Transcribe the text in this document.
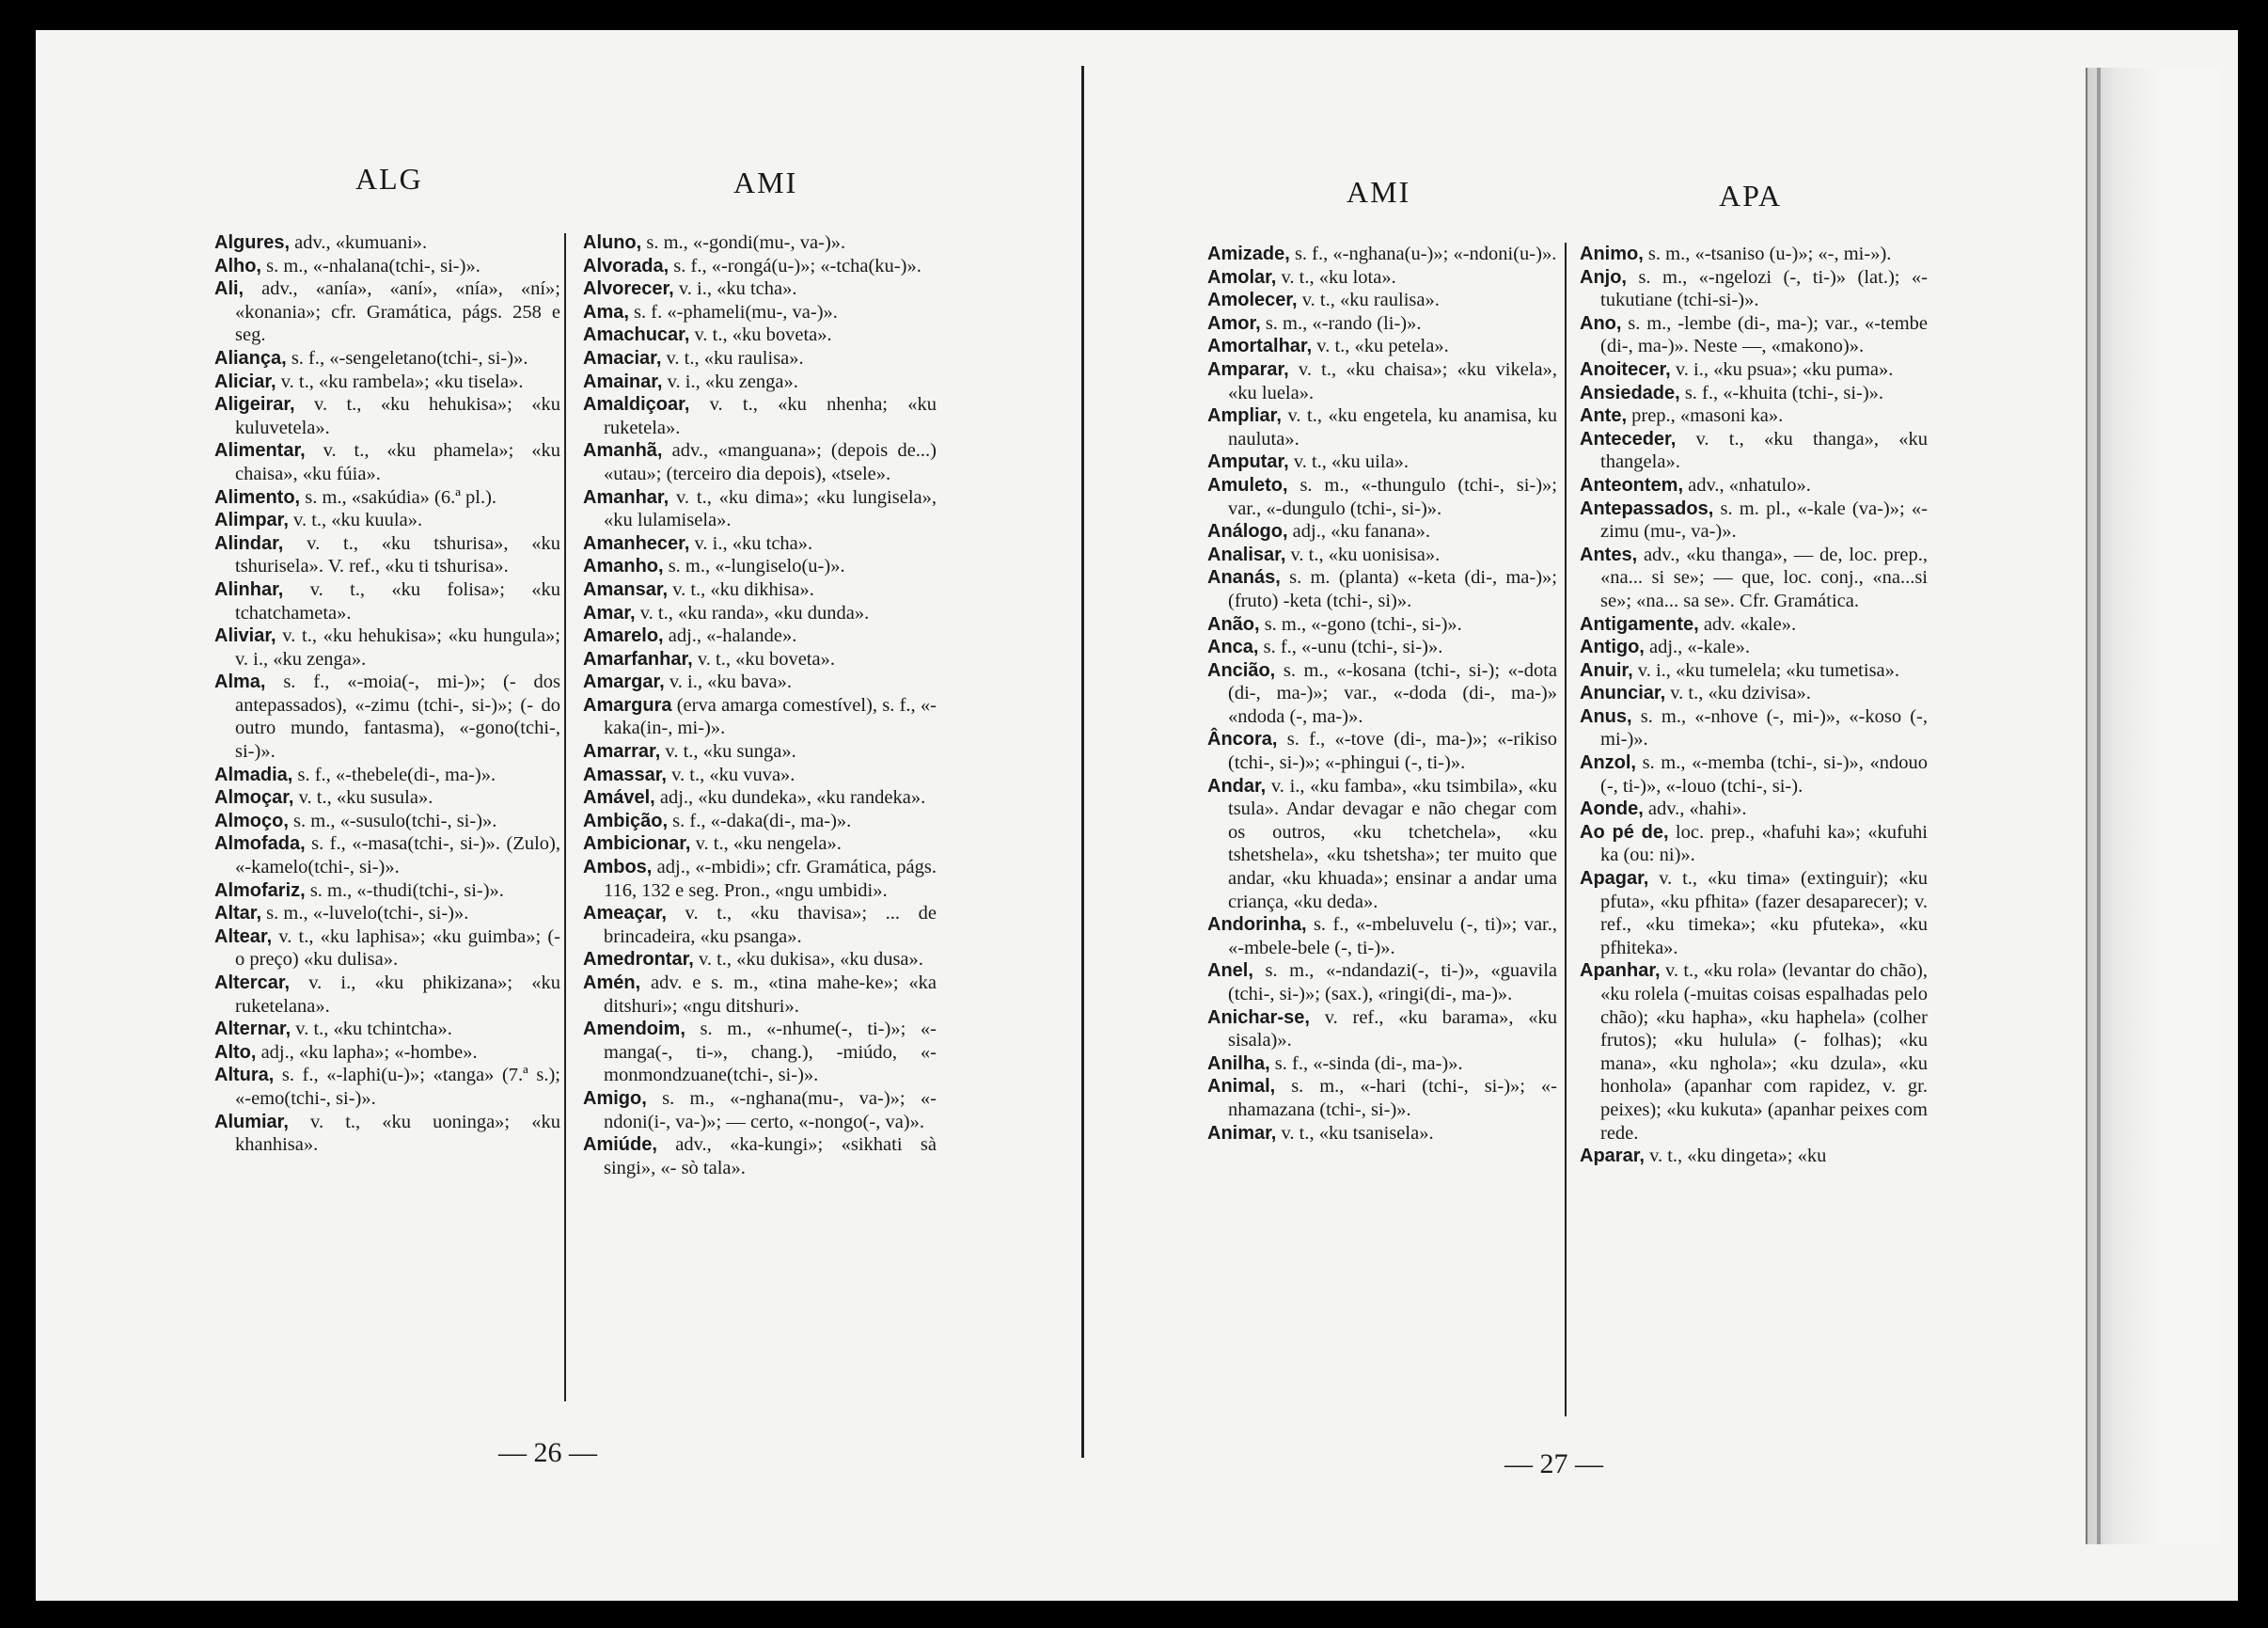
ALG	AMI

Algures, adv., «kumuani».

Alho, s. m., «-nhalana(tchi-, si-)».

Ali, adv., «anía», «aní», «nía», «ní»; «konania»; cfr. Gramática, págs. 258 e seg.

Aliança, s. f., «-sengeletano(tchi-, si-)».

Aliciar, v. t., «ku rambela»; «ku tisela».

Aligeirar, v. t., «ku hehukisa»; «ku kuluvetela».

Alimentar, v. t., «ku phamela»; «ku chaisa», «ku fúia».

Alimento, s. m., «sakúdia» (6.ª pl.).

Alimpar, v. t., «ku kuula».

Alindar, v. t., «ku tshurisa», «ku tshurisela». V. ref., «ku ti tshurisa».

Alinhar, v. t., «ku folisa»; «ku tchatchameta».

Aliviar, v. t., «ku hehukisa»; «ku hungula»; v. i., «ku zenga».

Alma, s. f., «-moia(-, mi-)»; (- dos antepassados), «-zimu (tchi-, si-)»; (- do outro mundo, fantasma), «-gono(tchi-, si-)».

Almadia, s. f., «-thebele(di-, ma-)».

Almoçar, v. t., «ku susula».

Almoço, s. m., «-susulo(tchi-, si-)».

Almofada, s. f., «-masa(tchi-, si-)». (Zulo), «-kamelo(tchi-, si-)».

Almofariz, s. m., «-thudi(tchi-, si-)».

Altar, s. m., «-luvelo(tchi-, si-)».

Altear, v. t., «ku laphisa»; «ku guimba»; (- o preço) «ku dulisa».

Altercar, v. i., «ku phikizana»; «ku ruketelana».

Alternar, v. t., «ku tchintcha».

Alto, adj., «ku lapha»; «-hombe».

Altura, s. f., «-laphi(u-)»; «tanga» (7.ª s.); «-emo(tchi-, si-)».

Alumiar, v. t., «ku uoninga»; «ku khanhisa».

Aluno, s. m., «-gondi(mu-, va-)».

Alvorada, s. f., «-rongá(u-)»; «-tcha(ku-)».

Alvorecer, v. i., «ku tcha».

Ama, s. f. «-phameli(mu-, va-)».

Amachucar, v. t., «ku boveta».

Amaciar, v. t., «ku raulisa».

Amainar, v. i., «ku zenga».

Amaldiçoar, v. t., «ku nhenha; «ku ruketela».

Amanhã, adv., «manguana»; (depois de...) «utau»; (terceiro dia depois), «tsele».

Amanhar, v. t., «ku dima»; «ku lungisela», «ku lulamisela».

Amanhecer, v. i., «ku tcha».

Amanho, s. m., «-lungiselo(u-)».

Amansar, v. t., «ku dikhisa».

Amar, v. t., «ku randa», «ku dunda».

Amarelo, adj., «-halande».

Amarfanhar, v. t., «ku boveta».

Amargar, v. i., «ku bava».

Amargura (erva amarga comestível), s. f., «-kaka(in-, mi-)».

Amarrar, v. t., «ku sunga».

Amassar, v. t., «ku vuva».

Amável, adj., «ku dundeka», «ku randeka».

Ambição, s. f., «-daka(di-, ma-)».

Ambicionar, v. t., «ku nengela».

Ambos, adj., «-mbidi»; cfr. Gramática, págs. 116, 132 e seg. Pron., «ngu umbidi».

Ameaçar, v. t., «ku thavisa»; ... de brincadeira, «ku psanga».

Amedrontar, v. t., «ku dukisa», «ku dusa».

Amén, adv. e s. m., «tina mahe-ke»; «ka ditshuri»; «ngu ditshuri».

Amendoim, s. m., «-nhume(-, ti-)»; «-manga(-, ti-», chang.), -miúdo, «-monmondzuane(tchi-, si-)».

Amigo, s. m., «-nghana(mu-, va-)»; «-ndoni(i-, va-)»; — certo, «-nongo(-, va)».

Amiúde, adv., «ka-kungi»; «sikhati sà singi», «- sò tala».

— 26 —
AMI	APA

Amizade, s. f., «-nghana(u-)»; «-ndoni(u-)».

Amolar, v. t., «ku lota».

Amolecer, v. t., «ku raulisa».

Amor, s. m., «-rando (li-)».

Amortalhar, v. t., «ku petela».

Amparar, v. t., «ku chaisa»; «ku vikela», «ku luela».

Ampliar, v. t., «ku engetela, ku anamisa, ku nauluta».

Amputar, v. t., «ku uila».

Amuleto, s. m., «-thungulo (tchi-, si-)»; var., «-dungulo (tchi-, si-)».

Análogo, adj., «ku fanana».

Analisar, v. t., «ku uonisisa».

Ananás, s. m. (planta) «-keta (di-, ma-)»; (fruto) -keta (tchi-, si)».

Anão, s. m., «-gono (tchi-, si-)».

Anca, s. f., «-unu (tchi-, si-)».

Ancião, s. m., «-kosana (tchi-, si-); «-dota (di-, ma-)»; var., «-doda (di-, ma-)» «ndoda (-, ma-)».

Âncora, s. f., «-tove (di-, ma-)»; «-rikiso (tchi-, si-)»; «-phingui (-, ti-)».

Andar, v. i., «ku famba», «ku tsimbila», «ku tsula». Andar devagar e não chegar com os outros, «ku tchetchela», «ku tshetshela», «ku tshetsha»; ter muito que andar, «ku khuada»; ensinar a andar uma criança, «ku deda».

Andorinha, s. f., «-mbeluvelu (-, ti)»; var., «-mbele-bele (-, ti-)».

Anel, s. m., «-ndandazi(-, ti-)», «guavila (tchi-, si-)»; (sax.), «ringi(di-, ma-)».

Anichar-se, v. ref., «ku barama», «ku sisala)».

Anilha, s. f., «-sinda (di-, ma-)».

Animal, s. m., «-hari (tchi-, si-)»; «-nhamazana (tchi-, si-)».

Animar, v. t., «ku tsanisela».

Animo, s. m., «-tsaniso (u-)»; «-, mi-»).

Anjo, s. m., «-ngelozi (-, ti-)» (lat.); «-tukutiane (tchi-si-)».

Ano, s. m., -lembe (di-, ma-); var., «-tembe (di-, ma-)». Neste —, «makono)».

Anoitecer, v. i., «ku psua»; «ku puma».

Ansiedade, s. f., «-khuita (tchi-, si-)».

Ante, prep., «masoni ka».

Anteceder, v. t., «ku thanga», «ku thangela».

Anteontem, adv., «nhatulo».

Antepassados, s. m. pl., «-kale (va-)»; «-zimu (mu-, va-)».

Antes, adv., «ku thanga», — de, loc. prep., «na... si se»; — que, loc. conj., «na...si se»; «na... sa se». Cfr. Gramática.

Antigamente, adv. «kale».

Antigo, adj., «-kale».

Anuir, v. i., «ku tumelela; «ku tumetisa».

Anunciar, v. t., «ku dzivisa».

Anus, s. m., «-nhove (-, mi-)», «-koso (-, mi-)».

Anzol, s. m., «-memba (tchi-, si-)», «ndouo (-, ti-)», «-louo (tchi-, si-).

Aonde, adv., «hahi».

Ao pé de, loc. prep., «hafuhi ka»; «kufuhi ka (ou: ni)».

Apagar, v. t., «ku tima» (extinguir); «ku pfuta», «ku pfhita» (fazer desaparecer); v. ref., «ku timeka»; «ku pfuteka», «ku pfhiteka».

Apanhar, v. t., «ku rola» (levantar do chão), «ku rolela (-muitas coisas espalhadas pelo chão); «ku hapha», «ku haphela» (colher frutos); «ku hulula» (- folhas); «ku mana», «ku nghola»; «ku dzula», «ku honhola» (apanhar com rapidez, v. gr. peixes); «ku kukuta» (apanhar peixes com rede.

Aparar, v. t., «ku dingeta»; «ku

— 27 —
